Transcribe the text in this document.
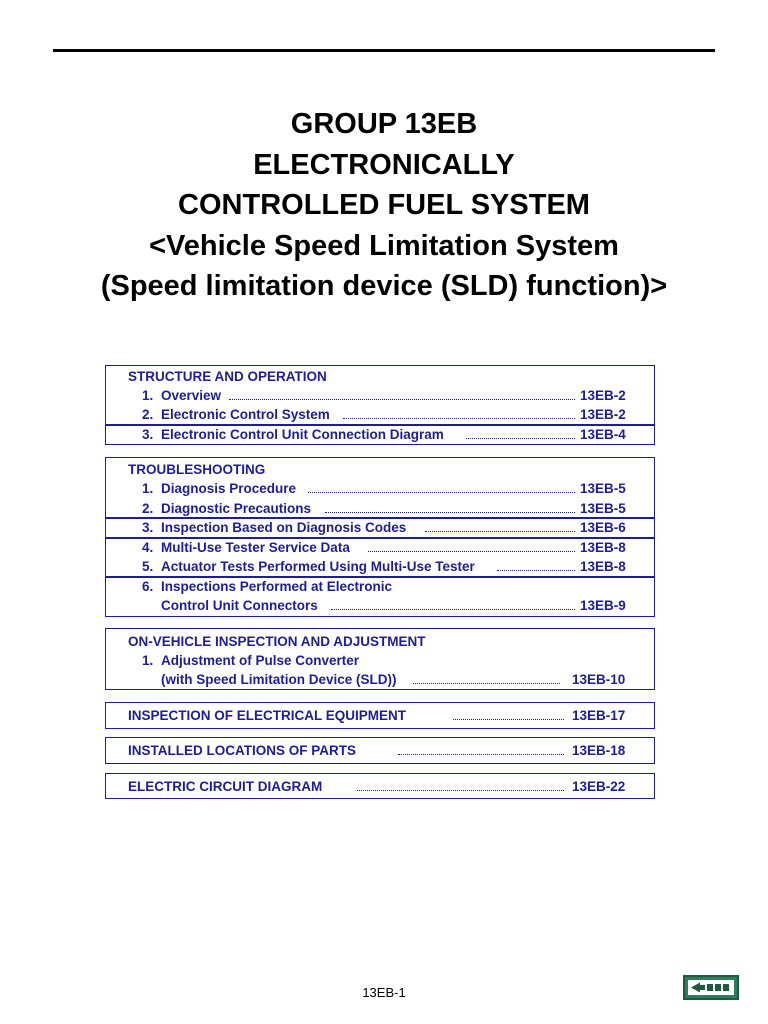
GROUP 13EB
ELECTRONICALLY
CONTROLLED FUEL SYSTEM
<Vehicle Speed Limitation System
(Speed limitation device (SLD) function)>
STRUCTURE AND OPERATION
1. Overview	13EB-2
2. Electronic Control System	13EB-2
3. Electronic Control Unit Connection Diagram	13EB-4
TROUBLESHOOTING
1. Diagnosis Procedure	13EB-5
2. Diagnostic Precautions	13EB-5
3. Inspection Based on Diagnosis Codes	13EB-6
4. Multi-Use Tester Service Data	13EB-8
5. Actuator Tests Performed Using Multi-Use Tester	13EB-8
6. Inspections Performed at Electronic
Control Unit Connectors	13EB-9
ON-VEHICLE INSPECTION AND ADJUSTMENT
1. Adjustment of Pulse Converter
(with Speed Limitation Device (SLD))	13EB-10
INSPECTION OF ELECTRICAL EQUIPMENT	13EB-17
INSTALLED LOCATIONS OF PARTS	13EB-18
ELECTRIC CIRCUIT DIAGRAM	13EB-22
13EB-1
